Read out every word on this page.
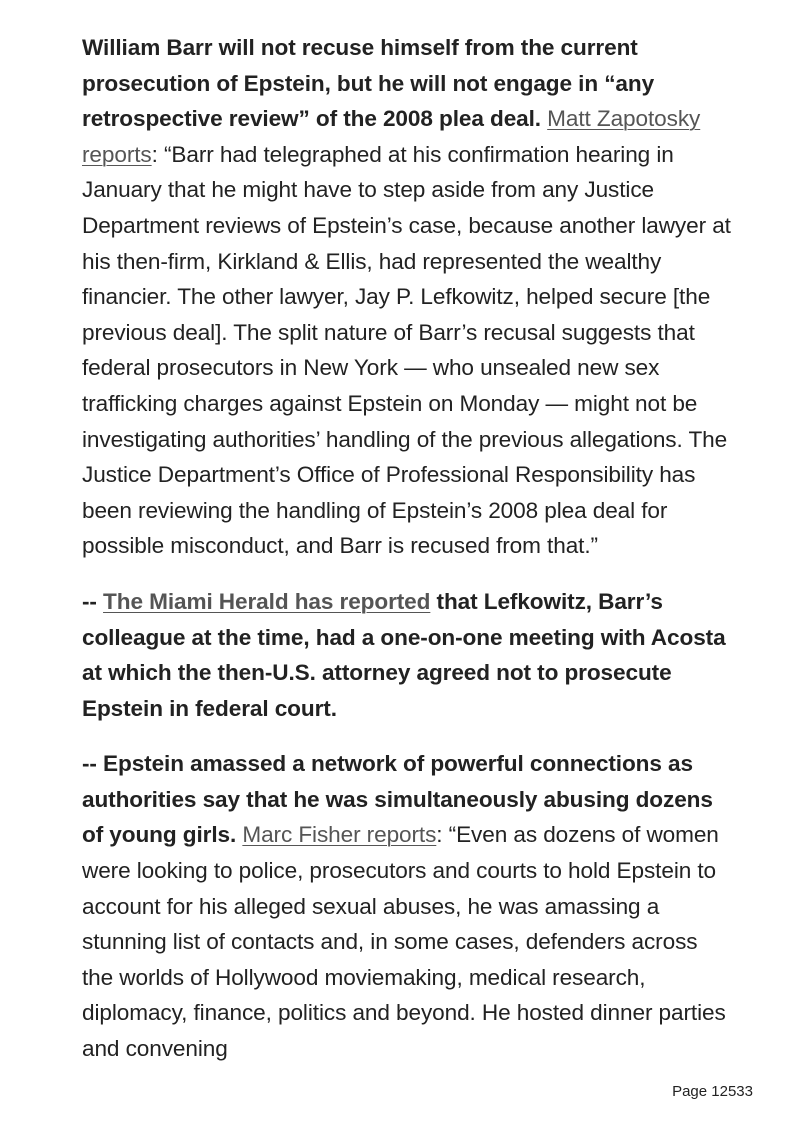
William Barr will not recuse himself from the current prosecution of Epstein, but he will not engage in “any retrospective review” of the 2008 plea deal. Matt Zapotosky reports: “Barr had telegraphed at his confirmation hearing in January that he might have to step aside from any Justice Department reviews of Epstein’s case, because another lawyer at his then-firm, Kirkland & Ellis, had represented the wealthy financier. The other lawyer, Jay P. Lefkowitz, helped secure [the previous deal]. The split nature of Barr’s recusal suggests that federal prosecutors in New York — who unsealed new sex trafficking charges against Epstein on Monday — might not be investigating authorities’ handling of the previous allegations. The Justice Department’s Office of Professional Responsibility has been reviewing the handling of Epstein’s 2008 plea deal for possible misconduct, and Barr is recused from that.”

-- The Miami Herald has reported that Lefkowitz, Barr’s colleague at the time, had a one-on-one meeting with Acosta at which the then-U.S. attorney agreed not to prosecute Epstein in federal court.

-- Epstein amassed a network of powerful connections as authorities say that he was simultaneously abusing dozens of young girls. Marc Fisher reports: “Even as dozens of women were looking to police, prosecutors and courts to hold Epstein to account for his alleged sexual abuses, he was amassing a stunning list of contacts and, in some cases, defenders across the worlds of Hollywood moviemaking, medical research, diplomacy, finance, politics and beyond. He hosted dinner parties and convening

Page 12533
